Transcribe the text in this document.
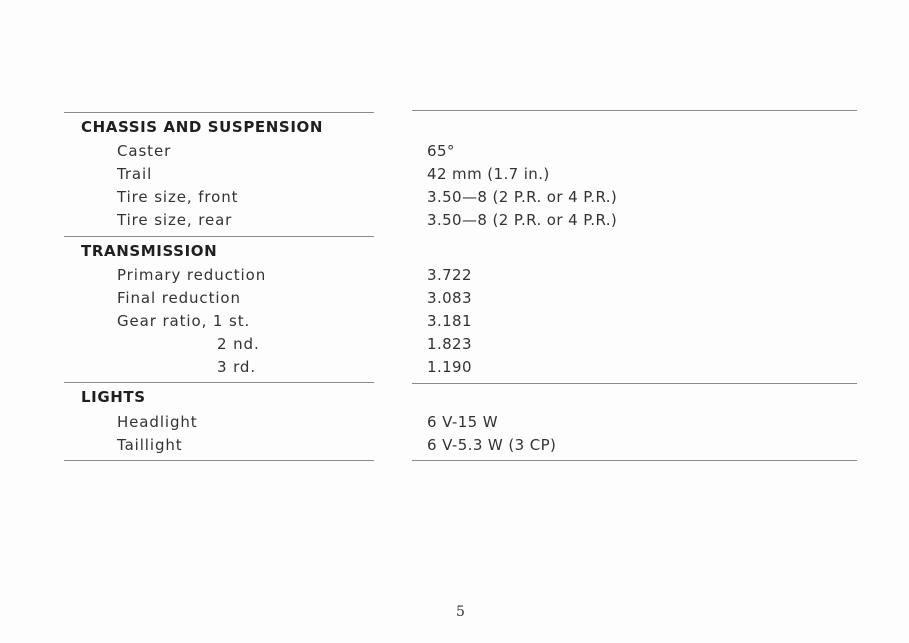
CHASSIS AND SUSPENSION
Caster	65°
Trail	42 mm (1.7 in.)
Tire size, front	3.50—8 (2 P.R. or 4 P.R.)
Tire size, rear	3.50—8 (2 P.R. or 4 P.R.)
TRANSMISSION
Primary reduction	3.722
Final reduction	3.083
Gear ratio, 1 st.	3.181
2 nd.	1.823
3 rd.	1.190
LIGHTS
Headlight	6 V-15 W
Taillight	6 V-5.3 W (3 CP)
5
